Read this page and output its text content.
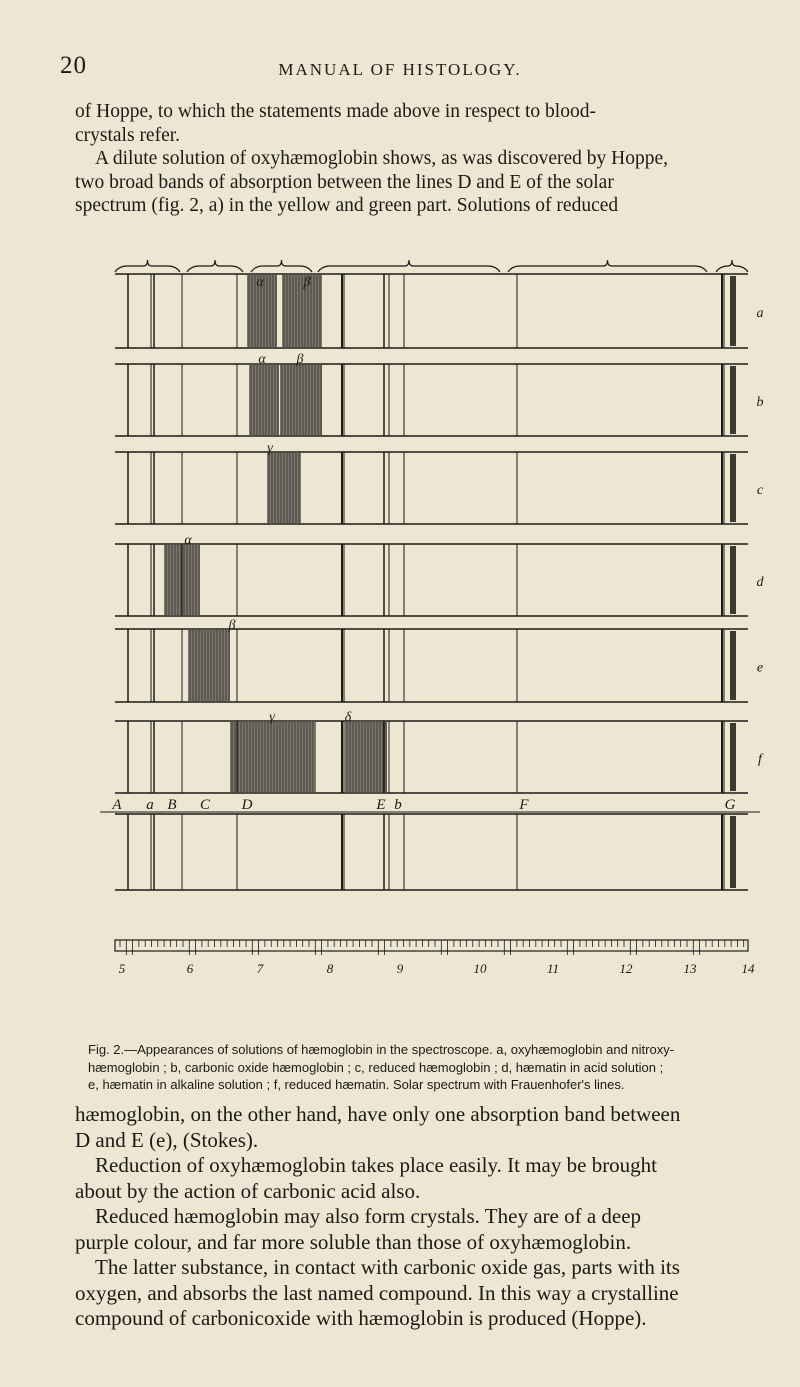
20	MANUAL OF HISTOLOGY.
of Hoppe, to which the statements made above in respect to blood-
crystals refer.
A dilute solution of oxyhæmoglobin shows, as was discovered by Hoppe,
two broad bands of absorption between the lines D and E of the solar
spectrum (fig. 2, a) in the yellow and green part. Solutions of reduced
a
b
c
d
e
f
α	β
α β
γ
α
β
γ	δ
A a B C D	E b	F	G
5	6	7	8	9	10	11	12	13	14
Fig. 2.—Appearances of solutions of hæmoglobin in the spectroscope. a, oxyhæmoglobin and nitroxy-
hæmoglobin ; b, carbonic oxide hæmoglobin ; c, reduced hæmoglobin ; d, hæmatin in acid solution ;
e, hæmatin in alkaline solution ; f, reduced hæmatin. Solar spectrum with Frauenhofer's lines.
hæmoglobin, on the other hand, have only one absorption band between
D and E (e), (Stokes).
Reduction of oxyhæmoglobin takes place easily. It may be brought
about by the action of carbonic acid also.
Reduced hæmoglobin may also form crystals. They are of a deep
purple colour, and far more soluble than those of oxyhæmoglobin.
The latter substance, in contact with carbonic oxide gas, parts with its
oxygen, and absorbs the last named compound. In this way a crystalline
compound of carbonicoxide with hæmoglobin is produced (Hoppe).
